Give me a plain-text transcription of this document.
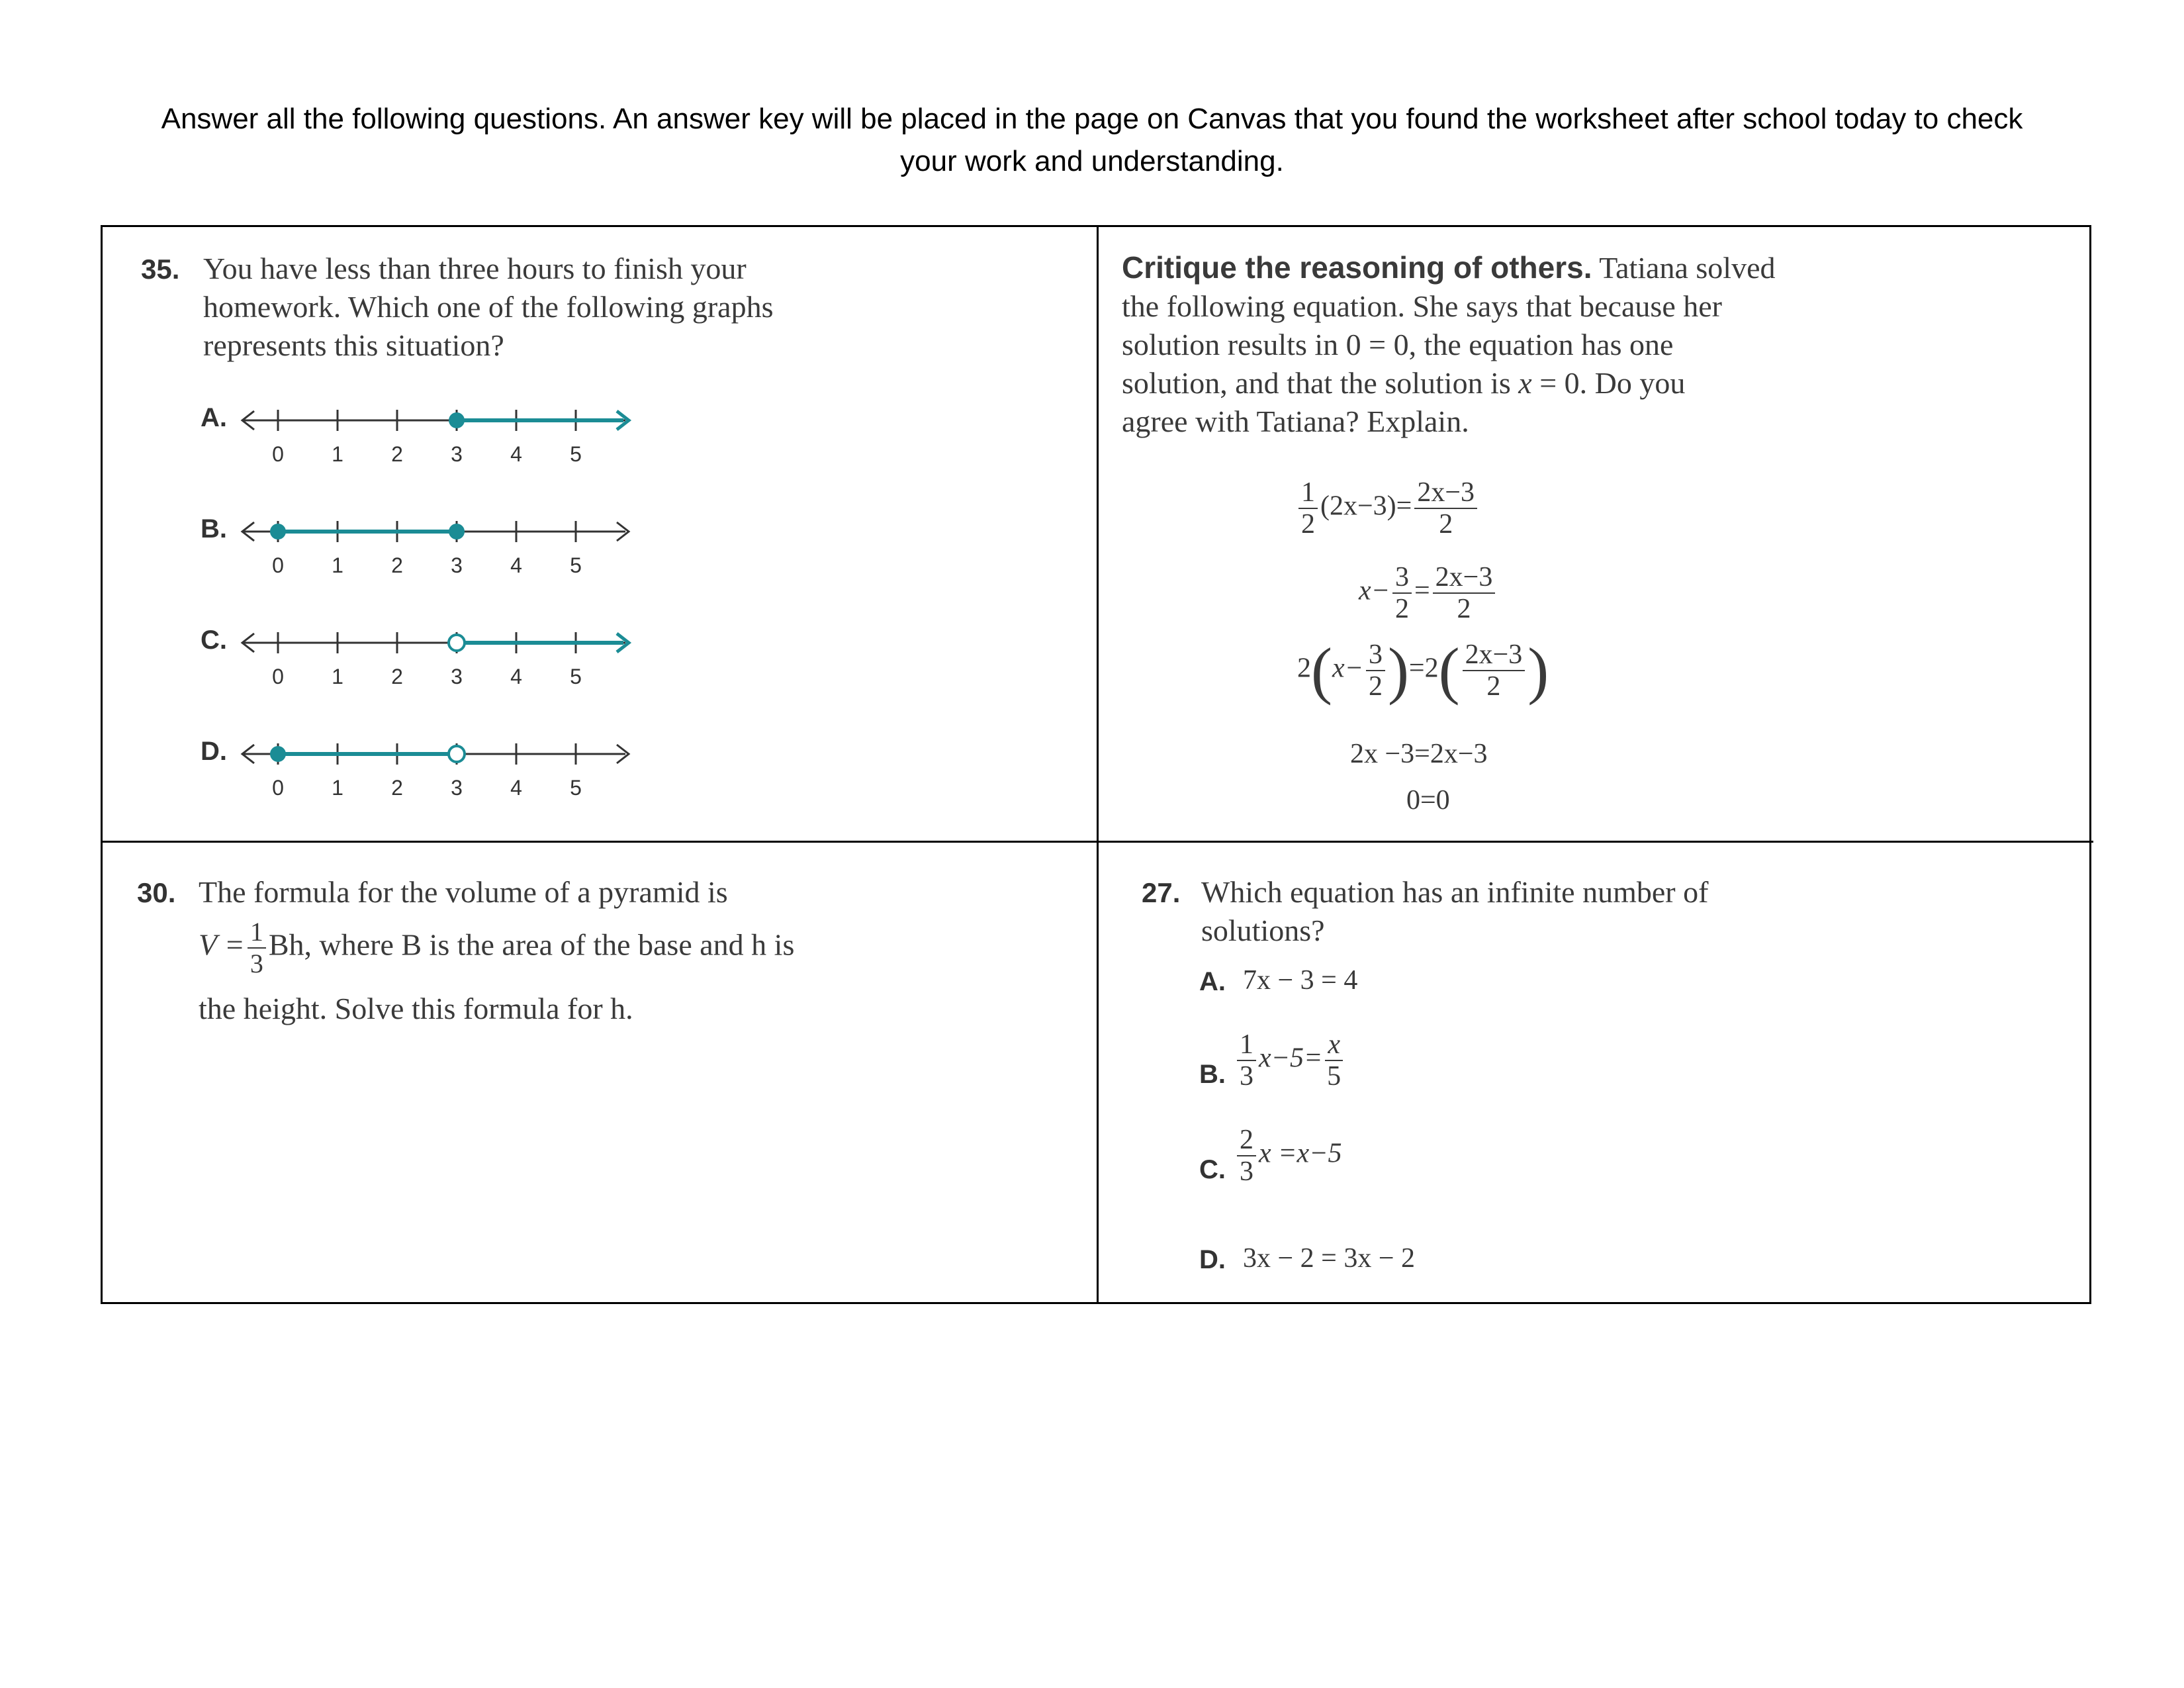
Answer all the following questions. An answer key will be placed in the page on Canvas that you found the worksheet after school today to check
your work and understanding.
35. You have less than three hours to finish your
homework. Which one of the following graphs
represents this situation?
A.
B.
C.
D.
0 1 2 3 4 5
0 1 2 3 4 5
0 1 2 3 4 5
0 1 2 3 4 5
Critique the reasoning of others. Tatiana solved
the following equation. She says that because her
solution results in 0 = 0, the equation has one
solution, and that the solution is x = 0. Do you
agree with Tatiana? Explain.
$\frac{1}{2} (2x-3)= \frac{2x-3}{2}$
$x- \frac{3}{2} = \frac{2x-3}{2}$
$2(x- \frac{3}{2} )=2( \frac{2x-3}{2}$ )
2x −3=2x−3
0=0
30. The formula for the volume of a pyramid is
$V = \frac{1}{3} Bh$, where B is the area of the base and h is
the height. Solve this formula for h.
27. Which equation has an infinite number of
solutions?
A. 7x − 3 = 4
B. $\frac{1}{3} x-5= \frac{x}{5}$
C. $\frac{2}{3}$ x =x−5
D. 3x − 2 = 3x − 2
